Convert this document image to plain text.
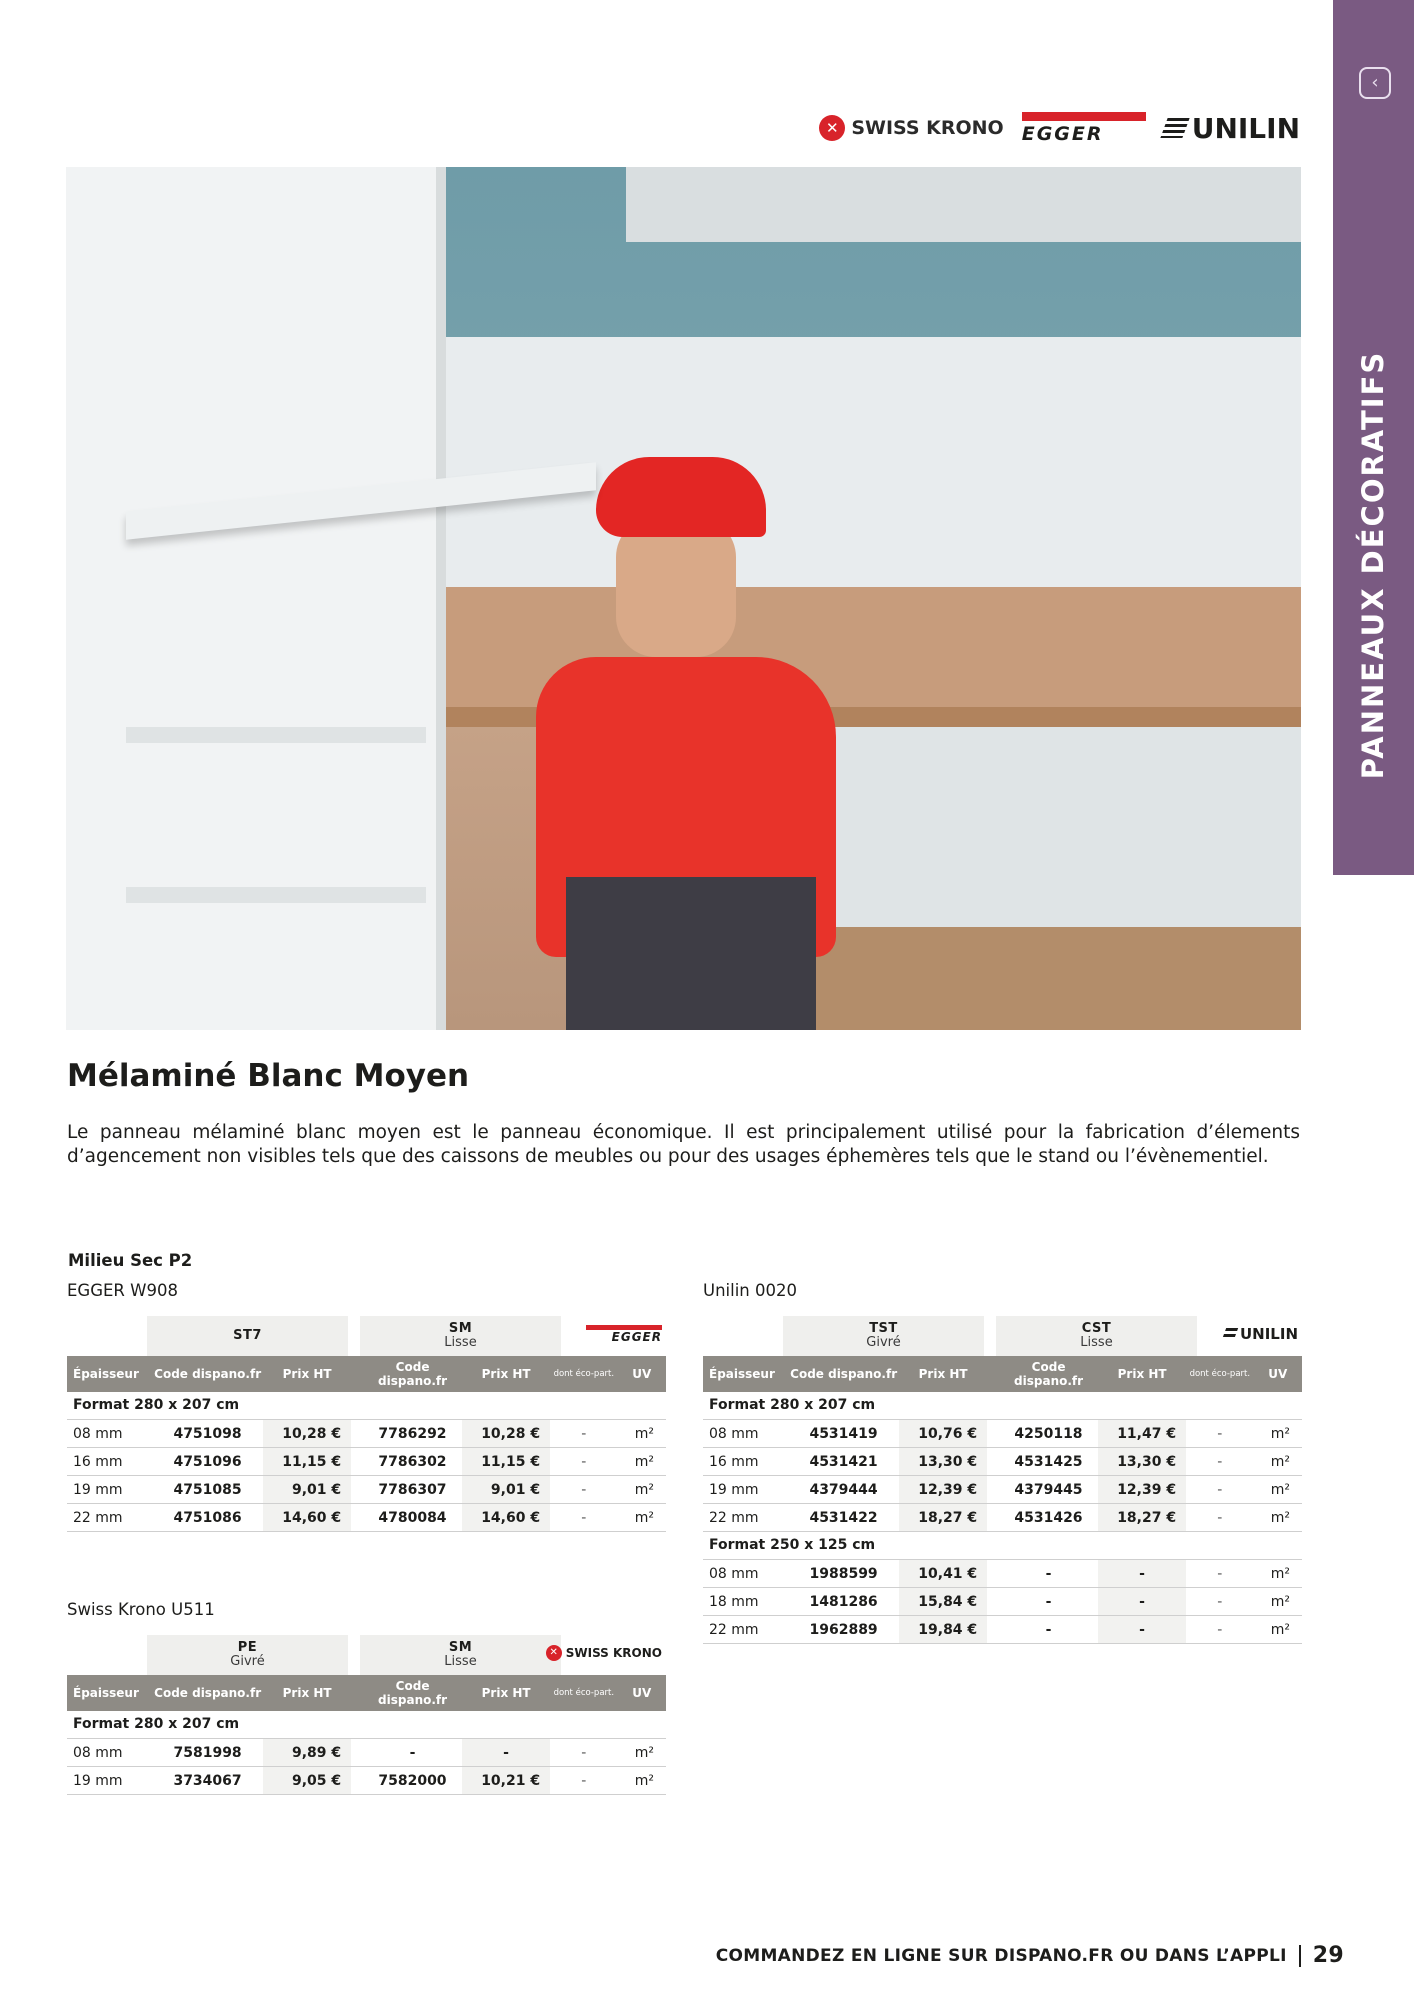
‹
PANNEAUX DÉCORATIFS
✕ SWISS KRONO EGGER	UNILIN
Mélaminé Blanc Moyen

Le panneau mélaminé blanc moyen est le panneau économique. Il est principalement utilisé pour la fabrication d’élements d’agencement non visibles tels que des caissons de meubles ou pour des usages éphemères tels que le stand ou l’évènementiel.

Milieu Sec P2
EGGER W908	Unilin 0020
Swiss Krono U511
ST7	SM
Lisse	EGGER
Épaisseur	Code dispano.fr	Prix HT	Code dispano.fr	Prix HT	dont éco-part.	UV
Format 280 x 207 cm
08 mm	4751098	10,28 €	7786292	10,28 €	-	m²
16 mm	4751096	11,15 €	7786302	11,15 €	-	m²
19 mm	4751085	9,01 €	7786307	9,01 €	-	m²
22 mm	4751086	14,60 €	4780084	14,60 €	-	m²
TST
Givré
CST
Lisse	UNILIN
Épaisseur	Code dispano.fr	Prix HT	Code dispano.fr	Prix HT	dont éco-part.	UV
Format 280 x 207 cm
08 mm	4531419	10,76 €	4250118	11,47 €	-	m²
16 mm	4531421	13,30 €	4531425	13,30 €	-	m²
19 mm	4379444	12,39 €	4379445	12,39 €	-	m²
22 mm	4531422	18,27 €	4531426	18,27 €	-	m²
Format 250 x 125 cm
08 mm	1988599	10,41 €	-	-	-	m²
18 mm	1481286	15,84 €	-	-	-	m²
22 mm	1962889	19,84 €	-	-	-	m²
PE
Givré
SM
Lisse
✕ SWISS KRONO
Épaisseur	Code dispano.fr	Prix HT	Code dispano.fr	Prix HT	dont éco-part.	UV
Format 280 x 207 cm
08 mm	7581998	9,89 €	-	-	-	m²
19 mm	3734067	9,05 €	7582000	10,21 €	-	m²
COMMANDEZ EN LIGNE SUR DISPANO.FR OU DANS L’APPLI 29
